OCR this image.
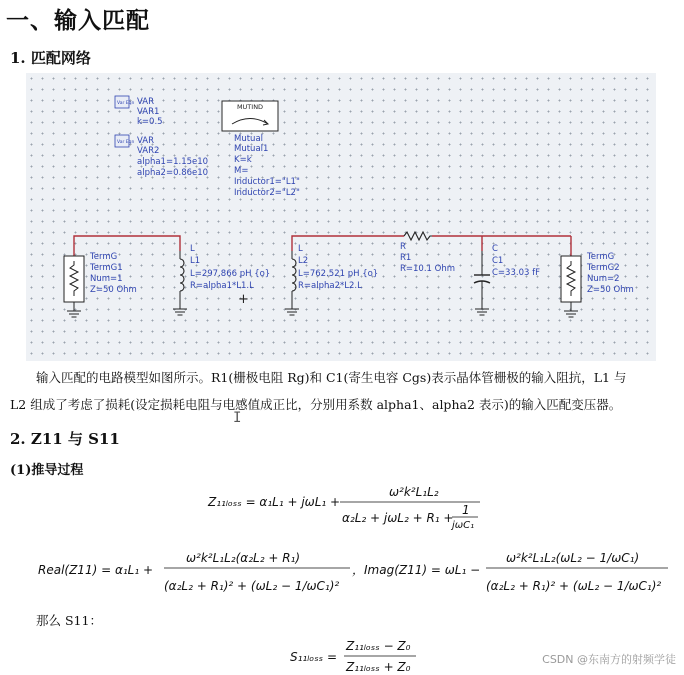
一、输入匹配
1. 匹配网络
Var Eqn VAR
VAR1
k=0.5
Var Eqn VAR
VAR2
alpha1=1.15e10
alpha2=0.86e10
MUTIND
Mutual
Mutual1
K=k
M=
Inductor1="L1"
Inductor2="L2"
TermG
TermG1
Num=1
Z=50 Ohm
L
L1
L=297.866 pH {o}
R=alpha1*L1.L
+
L
L2
L=762.521 pH {o}
R=alpha2*L2.L
R
R1
R=10.1 Ohm
C
C1
C=33.03 fF
TermG
TermG2
Num=2
Z=50 Ohm
输入匹配的电路模型如图所示。R1(栅极电阻 Rg)和 C1(寄生电容 Cgs)表示晶体管栅极的输入阻抗，L1 与
L2 组成了考虑了损耗(设定损耗电阻与电感值成正比，分别用系数 alpha1、alpha2 表示)的输入匹配变压器。
I
2. Z11 与 S11
(1)推导过程
Z₁₁ₗₒₛₛ = α₁L₁ + jωL₁ +
ω²k²L₁L₂
α₂L₂ + jωL₂ + R₁ +
1
jωC₁
Real(Z11) = α₁L₁ +
ω²k²L₁L₂(α₂L₂ + R₁)
(α₂L₂ + R₁)² + (ωL₂ − 1/ωC₁)²
， Imag(Z11) = ωL₁ −
ω²k²L₁L₂(ωL₂ − 1/ωC₁)
(α₂L₂ + R₁)² + (ωL₂ − 1/ωC₁)²
S₁₁ₗₒₛₛ =
Z₁₁ₗₒₛₛ − Z₀
Z₁₁ₗₒₛₛ + Z₀
那么 S11：
CSDN @东南方的射频学徒
